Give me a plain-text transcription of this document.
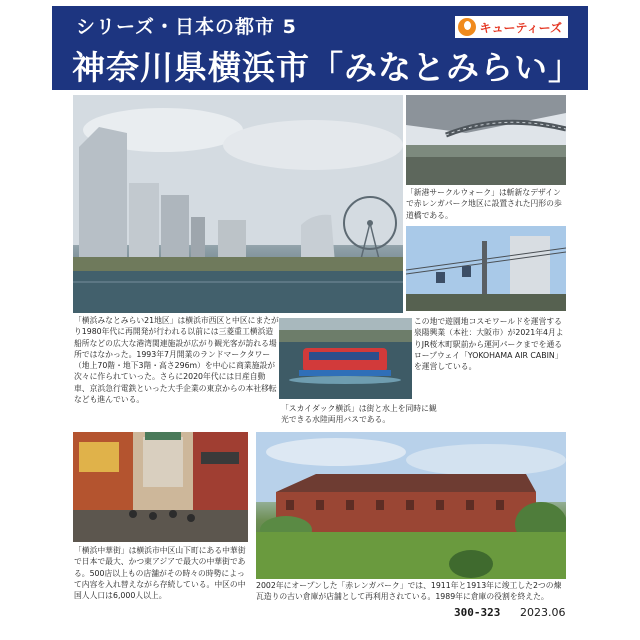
シリーズ・日本の都市 5
神奈川県横浜市「みなとみらい」
キューティーズ
「横浜みなとみらい21地区」は横浜市西区と中区にまたがり1980年代に再開発が行われる以前には三菱重工横浜造船所などの広大な港湾関連施設が広がり観光客が訪れる場所ではなかった。1993年7月開業のランドマークタワー（地上70階・地下3階・高さ296m）を中心に商業施設が次々に作られていった。さらに2020年代には日産自動車、京浜急行電鉄といった大手企業の東京からの本社移転なども進んでいる。
「新港サークルウォーク」は斬新なデザインで赤レンガパーク地区に設置された円形の歩道橋である。
この地で遊園地コスモワールドを運営する泉陽興業（本社：大阪市）が2021年4月よりJR桜木町駅前から運河パークまでを通るロープウェイ「YOKOHAMA AIR CABIN」を運営している。
「スカイダック横浜」は街と水上を同時に観光できる水陸両用バスである。
「横浜中華街」は横浜市中区山下町にある中華街で日本で最大、かつ東アジアで最大の中華街である。500店以上もの店舗がその時々の時勢によって内容を入れ替えながら存続している。中区の中国人人口は6,000人以上。
2002年にオープンした「赤レンガパーク」では、1911年と1913年に竣工した2つの煉瓦造りの古い倉庫が店舗として再利用されている。1989年に倉庫の役割を終えた。
300-323 2023.06
